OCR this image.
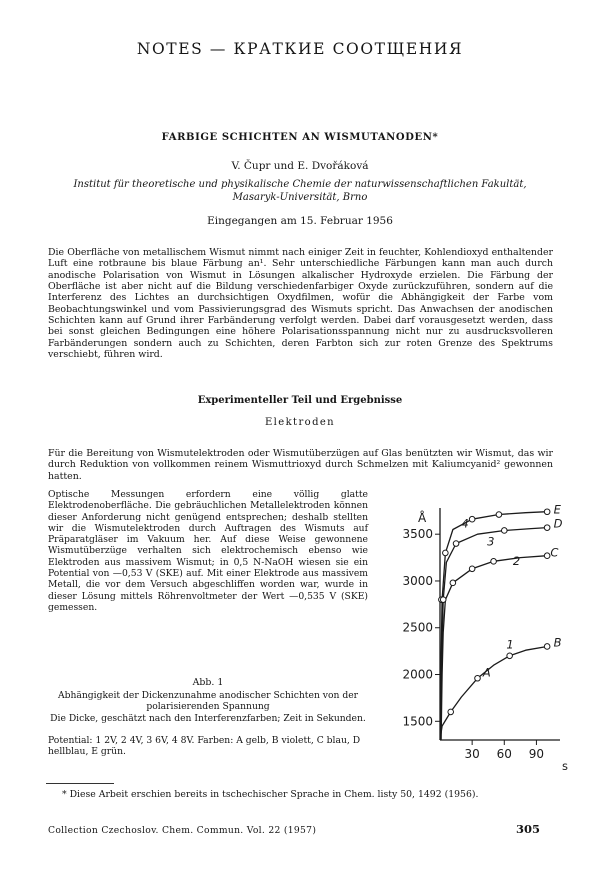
NOTES — КРАТКИЕ СООТЩЕНИЯ
FARBIGE SCHICHTEN AN WISMUTANODEN*
V. Čupr und E. Dvořáková
Institut für theoretische und physikalische Chemie der naturwissenschaftlichen Fakultät, Masaryk-Universität, Brno
Eingegangen am 15. Februar 1956
Die Oberfläche von metallischem Wismut nimmt nach einiger Zeit in feuchter, Kohlendioxyd enthaltender Luft eine rotbraune bis blaue Färbung an¹. Sehr unterschiedliche Färbungen kann man auch durch anodische Polarisation von Wismut in Lösungen alkalischer Hydroxyde erzielen. Die Färbung der Oberfläche ist aber nicht auf die Bildung verschiedenfarbiger Oxyde zurückzuführen, sondern auf die Interferenz des Lichtes an durchsichtigen Oxydfilmen, wofür die Abhängigkeit der Farbe vom Beobachtungswinkel und vom Passivierungsgrad des Wismuts spricht. Das Anwachsen der anodischen Schichten kann auf Grund ihrer Farbänderung verfolgt werden. Dabei darf vorausgesetzt werden, dass bei sonst gleichen Bedingungen eine höhere Polarisationsspannung nicht nur zu ausdrucksvolleren Farbänderungen sondern auch zu Schichten, deren Farbton sich zur roten Grenze des Spektrums verschiebt, führen wird.
Experimenteller Teil und Ergebnisse
Elektroden
Für die Bereitung von Wismutelektroden oder Wismutüberzügen auf Glas benützten wir Wismut, das wir durch Reduktion von vollkommen reinem Wismuttrioxyd durch Schmelzen mit Kaliumcyanid² gewonnen hatten.
Optische Messungen erfordern eine völlig glatte Elektrodenoberfläche. Die gebräuchlichen Metallelektroden können dieser Anforderung nicht genügend entsprechen; deshalb stellten wir die Wismutelektroden durch Auftragen des Wismuts auf Präparatgläser im Vakuum her. Auf diese Weise gewonnene Wismutüberzüge verhalten sich elektrochemisch ebenso wie Elektroden aus massivem Wismut; in 0,5 N-NaOH wiesen sie ein Potential von —0,53 V (SKE) auf. Mit einer Elektrode aus massivem Metall, die vor dem Versuch abgeschliffen worden war, wurde in dieser Lösung mittels Röhrenvoltmeter der Wert —0,535 V (SKE) gemessen.
Abb. 1
Abhängigkeit der Dickenzunahme anodischer Schichten von der polarisierenden Spannung
Die Dicke, geschätzt nach den Interferenzfarben; Zeit in Sekunden.
Potential: 1 2V, 2 4V, 3 6V, 4 8V. Farben: A gelb, B violett, C blau, D hellblau, E grün.
Å
s
1500
2000
2500
3000
3500
30 60 90
1
2
3
4
A
B
C
D
E
* Diese Arbeit erschien bereits in tschechischer Sprache in Chem. listy 50, 1492 (1956).
Collection Czechoslov. Chem. Commun. Vol. 22 (1957)	305
